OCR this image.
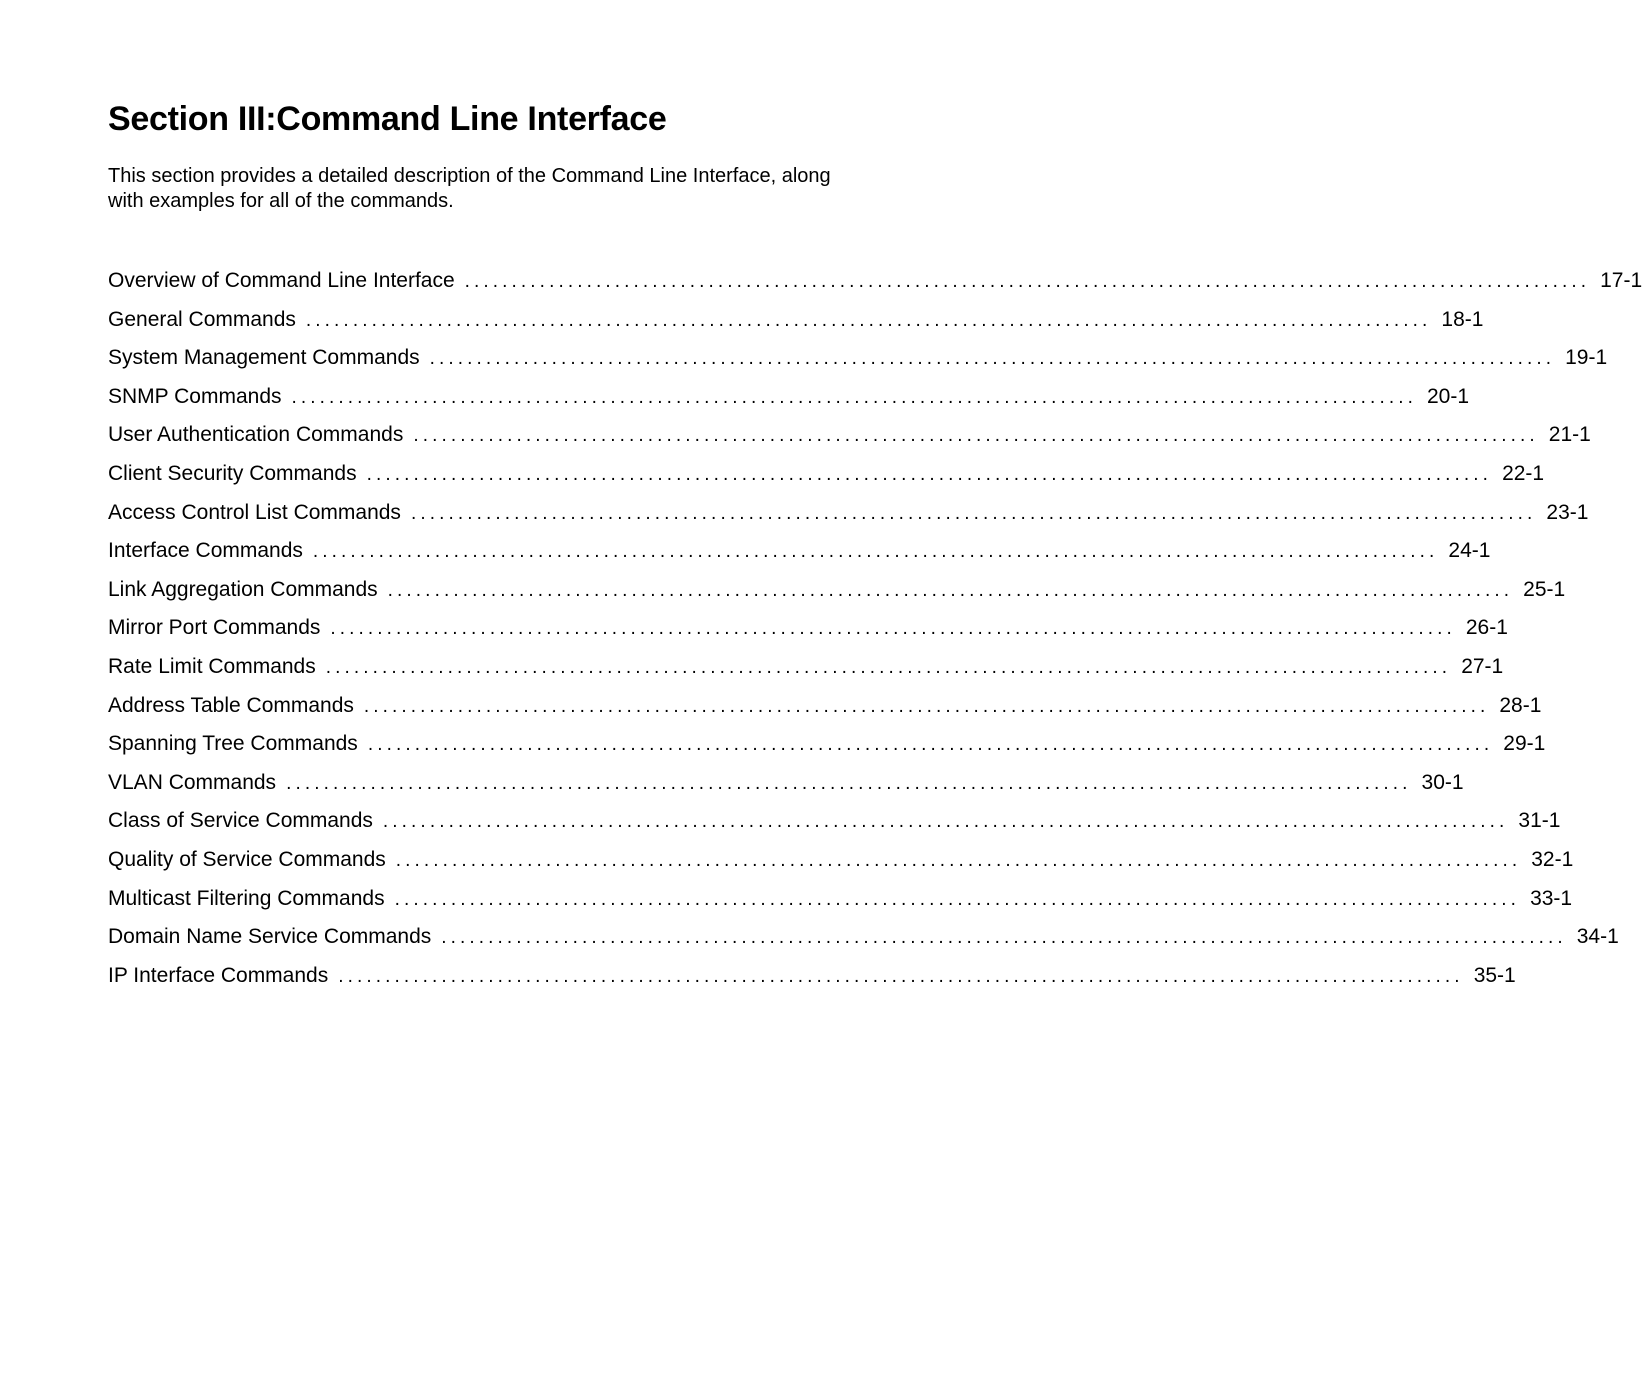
Section III:Command Line Interface

This section provides a detailed description of the Command Line Interface, along with examples for all of the commands.

Overview of Command Line Interface ........................................................................................................................ 17-1
General Commands ........................................................................................................................ 18-1
System Management Commands ........................................................................................................................ 19-1
SNMP Commands ........................................................................................................................ 20-1
User Authentication Commands ........................................................................................................................ 21-1
Client Security Commands ........................................................................................................................ 22-1
Access Control List Commands ........................................................................................................................ 23-1
Interface Commands ........................................................................................................................ 24-1
Link Aggregation Commands ........................................................................................................................ 25-1
Mirror Port Commands ........................................................................................................................ 26-1
Rate Limit Commands ........................................................................................................................ 27-1
Address Table Commands ........................................................................................................................ 28-1
Spanning Tree Commands ........................................................................................................................ 29-1
VLAN Commands ........................................................................................................................ 30-1
Class of Service Commands ........................................................................................................................ 31-1
Quality of Service Commands ........................................................................................................................ 32-1
Multicast Filtering Commands ........................................................................................................................ 33-1
Domain Name Service Commands ........................................................................................................................ 34-1
IP Interface Commands ........................................................................................................................ 35-1
